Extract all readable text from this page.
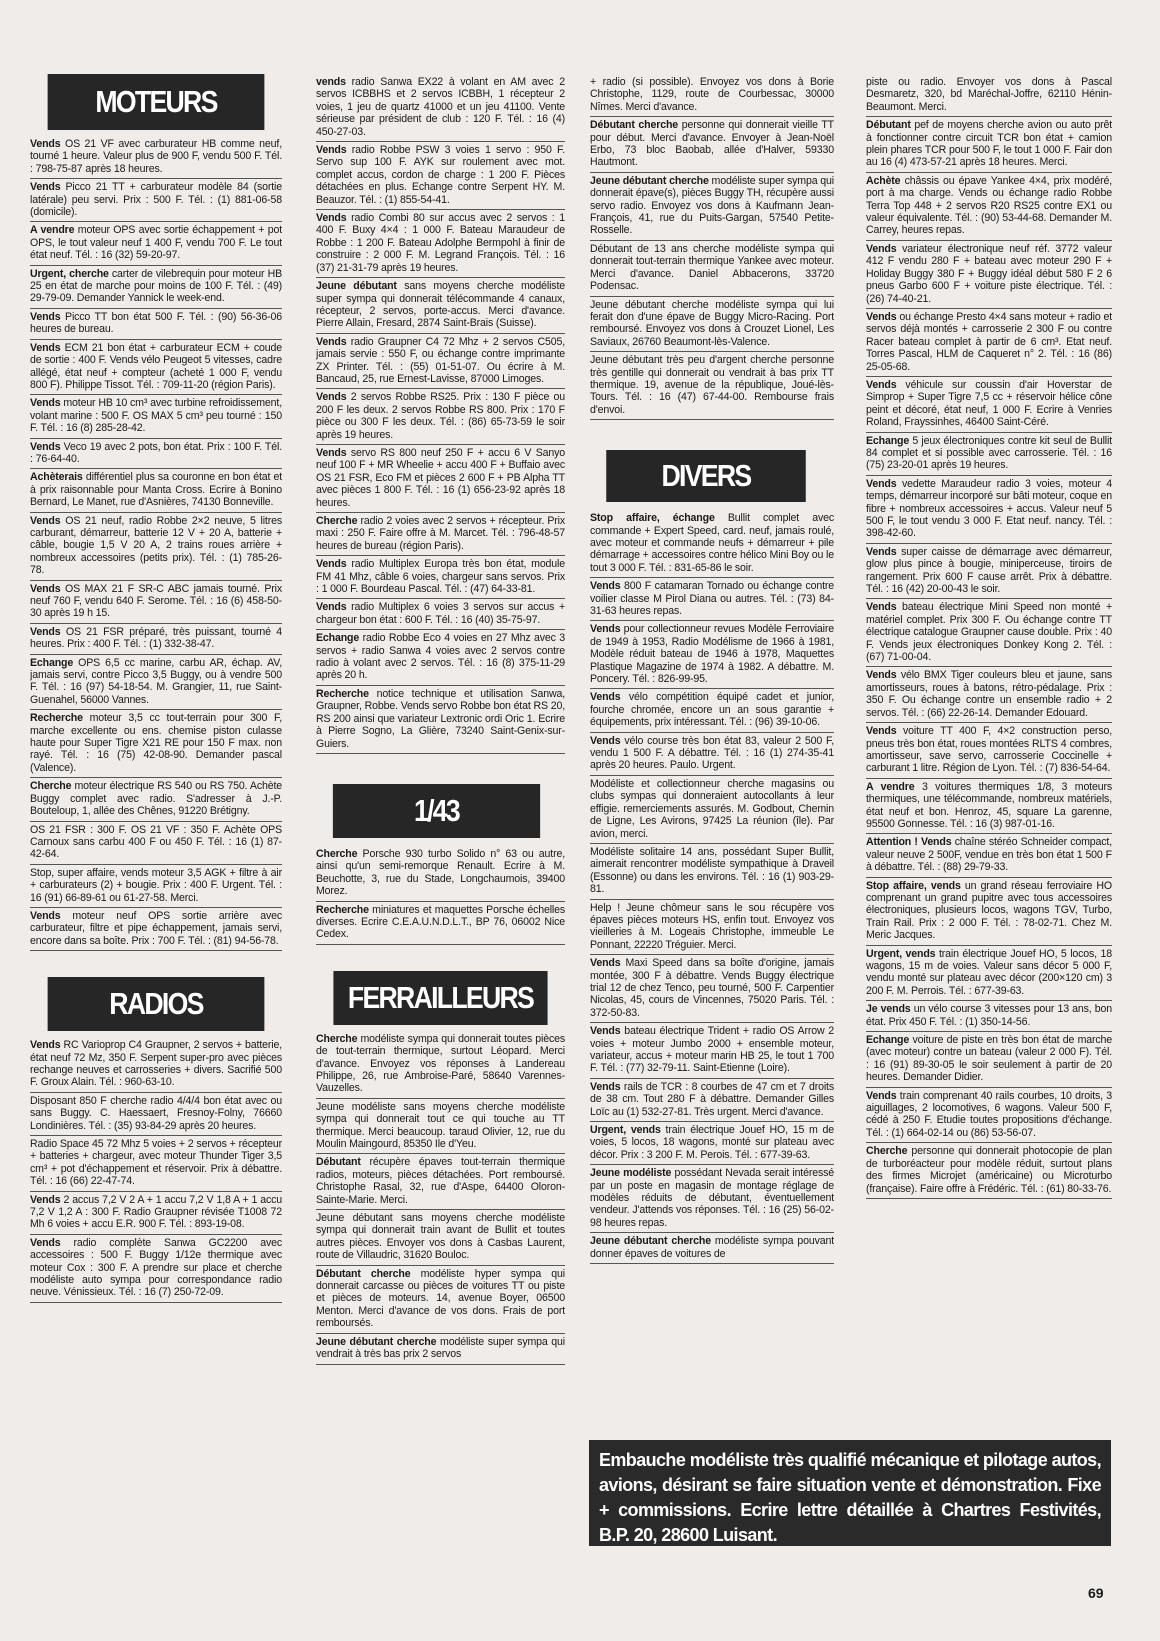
MOTEURS
Vends OS 21 VF avec carburateur HB comme neuf, tourné 1 heure. Valeur plus de 900 F, vendu 500 F. Tél. : 798-75-87 après 18 heures.
Vends Picco 21 TT + carburateur modèle 84 (sortie latérale) peu servi. Prix : 500 F. Tél. : (1) 881-06-58 (domicile).
A vendre moteur OPS avec sortie échappement + pot OPS, le tout valeur neuf 1 400 F, vendu 700 F. Le tout état neuf. Tél. : 16 (32) 59-20-97.
Urgent, cherche carter de vilebrequin pour moteur HB 25 en état de marche pour moins de 100 F. Tél. : (49) 29-79-09. Demander Yannick le week-end.
Vends Picco TT bon état 500 F. Tél. : (90) 56-36-06 heures de bureau.
Vends ECM 21 bon état + carburateur ECM + coude de sortie : 400 F. Vends vélo Peugeot 5 vitesses, cadre allégé, état neuf + compteur (acheté 1 000 F, vendu 800 F). Philippe Tissot. Tél. : 709-11-20 (région Paris).
Vends moteur HB 10 cm³ avec turbine refroidissement, volant marine : 500 F. OS MAX 5 cm³ peu tourné : 150 F. Tél. : 16 (8) 285-28-42.
Vends Veco 19 avec 2 pots, bon état. Prix : 100 F. Tél. : 76-64-40.
Achèterais différentiel plus sa couronne en bon état et à prix raisonnable pour Manta Cross. Ecrire à Bonino Bernard, Le Manet, rue d'Asnières, 74130 Bonneville.
Vends OS 21 neuf, radio Robbe 2×2 neuve, 5 litres carburant, démarreur, batterie 12 V + 20 A, batterie + câble, bougie 1,5 V 20 A, 2 trains roues arrière + nombreux accessoires (petits prix). Tél. : (1) 785-26-78.
Vends OS MAX 21 F SR-C ABC jamais tourné. Prix neuf 760 F, vendu 640 F. Serome. Tél. : 16 (6) 458-50-30 après 19 h 15.
Vends OS 21 FSR préparé, très puissant, tourné 4 heures. Prix : 400 F. Tél. : (1) 332-38-47.
Echange OPS 6,5 cc marine, carbu AR, échap. AV, jamais servi, contre Picco 3,5 Buggy, ou à vendre 500 F. Tél. : 16 (97) 54-18-54. M. Grangier, 11, rue Saint-Guenahel, 56000 Vannes.
Recherche moteur 3,5 cc tout-terrain pour 300 F, marche excellente ou ens. chemise piston culasse haute pour Super Tigre X21 RE pour 150 F max. non rayé. Tél. : 16 (75) 42-08-90. Demander pascal (Valence).
Cherche moteur électrique RS 540 ou RS 750. Achète Buggy complet avec radio. S'adresser à J.-P. Bouteloup, 1, allée des Chênes, 91220 Brétigny.
OS 21 FSR : 300 F. OS 21 VF : 350 F. Achète OPS Carnoux sans carbu 400 F ou 450 F. Tél. : 16 (1) 87-42-64.
Stop, super affaire, vends moteur 3,5 AGK + filtre à air + carburateurs (2) + bougie. Prix : 400 F. Urgent. Tél. : 16 (91) 66-89-61 ou 61-27-58. Merci.
Vends moteur neuf OPS sortie arrière avec carburateur, filtre et pipe échappement, jamais servi, encore dans sa boîte. Prix : 700 F. Tél. : (81) 94-56-78.
RADIOS
Vends RC Varioprop C4 Graupner, 2 servos + batterie, état neuf 72 Mz, 350 F. Serpent super-pro avec pièces rechange neuves et carrosseries + divers. Sacrifié 500 F. Groux Alain. Tél. : 960-63-10.
Disposant 850 F cherche radio 4/4/4 bon état avec ou sans Buggy. C. Haessaert, Fresnoy-Folny, 76660 Londinières. Tél. : (35) 93-84-29 après 20 heures.
Radio Space 45 72 Mhz 5 voies + 2 servos + récepteur + batteries + chargeur, avec moteur Thunder Tiger 3,5 cm³ + pot d'échappement et réservoir. Prix à débattre. Tél. : 16 (66) 22-47-74.
Vends 2 accus 7,2 V 2 A + 1 accu 7,2 V 1,8 A + 1 accu 7,2 V 1,2 A : 300 F. Radio Graupner révisée T1008 72 Mh 6 voies + accu E.R. 900 F. Tél. : 893-19-08.
Vends radio complète Sanwa GC2200 avec accessoires : 500 F. Buggy 1/12e thermique avec moteur Cox : 300 F. A prendre sur place et cherche modéliste auto sympa pour correspondance radio neuve. Vénissieux. Tél. : 16 (7) 250-72-09.
vends radio Sanwa EX22 à volant en AM avec 2 servos ICBBHS et 2 servos ICBBH, 1 récepteur 2 voies, 1 jeu de quartz 41000 et un jeu 41100. Vente sérieuse par président de club : 120 F. Tél. : 16 (4) 450-27-03.
Vends radio Robbe PSW 3 voies 1 servo : 950 F. Servo sup 100 F. AYK sur roulement avec mot. complet accus, cordon de charge : 1 200 F. Pièces détachées en plus. Echange contre Serpent HY. M. Beauzor. Tél. : (1) 855-54-41.
Vends radio Combi 80 sur accus avec 2 servos : 1 400 F. Buxy 4×4 : 1 000 F. Bateau Maraudeur de Robbe : 1 200 F. Bateau Adolphe Bermpohl à finir de construire : 2 000 F. M. Legrand François. Tél. : 16 (37) 21-31-79 après 19 heures.
Jeune débutant sans moyens cherche modéliste super sympa qui donnerait télécommande 4 canaux, récepteur, 2 servos, porte-accus. Merci d'avance. Pierre Allain, Fresard, 2874 Saint-Brais (Suisse).
Vends radio Graupner C4 72 Mhz + 2 servos C505, jamais servie : 550 F, ou échange contre imprimante ZX Printer. Tél. : (55) 01-51-07. Ou écrire à M. Bancaud, 25, rue Ernest-Lavisse, 87000 Limoges.
Vends 2 servos Robbe RS25. Prix : 130 F pièce ou 200 F les deux. 2 servos Robbe RS 800. Prix : 170 F pièce ou 300 F les deux. Tél. : (86) 65-73-59 le soir après 19 heures.
Vends servo RS 800 neuf 250 F + accu 6 V Sanyo neuf 100 F + MR Wheelie + accu 400 F + Buffaio avec OS 21 FSR, Eco FM et pièces 2 600 F + PB Alpha TT avec pièces 1 800 F. Tél. : 16 (1) 656-23-92 après 18 heures.
Cherche radio 2 voies avec 2 servos + récepteur. Prix maxi : 250 F. Faire offre à M. Marcet. Tél. : 796-48-57 heures de bureau (région Paris).
Vends radio Multiplex Europa très bon état, module FM 41 Mhz, câble 6 voies, chargeur sans servos. Prix : 1 000 F. Bourdeau Pascal. Tél. : (47) 64-33-81.
Vends radio Multiplex 6 voies 3 servos sur accus + chargeur bon état : 600 F. Tél. : 16 (40) 35-75-97.
Echange radio Robbe Eco 4 voies en 27 Mhz avec 3 servos + radio Sanwa 4 voies avec 2 servos contre radio à volant avec 2 servos. Tél. : 16 (8) 375-11-29 après 20 h.
Recherche notice technique et utilisation Sanwa, Graupner, Robbe. Vends servo Robbe bon état RS 20, RS 200 ainsi que variateur Lextronic ordi Oric 1. Ecrire à Pierre Sogno, La Glière, 73240 Saint-Genix-sur-Guiers.
1/43
Cherche Porsche 930 turbo Solido n° 63 ou autre, ainsi qu'un semi-remorque Renault. Ecrire à M. Beuchotte, 3, rue du Stade, Longchaumois, 39400 Morez.
Recherche miniatures et maquettes Porsche échelles diverses. Ecrire C.E.A.U.N.D.L.T., BP 76, 06002 Nice Cedex.
FERRAILLEURS
Cherche modéliste sympa qui donnerait toutes pièces de tout-terrain thermique, surtout Léopard. Merci d'avance. Envoyez vos réponses à Landereau Philippe, 26, rue Ambroise-Paré, 58640 Varennes-Vauzelles.
Jeune modéliste sans moyens cherche modéliste sympa qui donnerait tout ce qui touche au TT thermique. Merci beaucoup. taraud Olivier, 12, rue du Moulin Maingourd, 85350 Ile d'Yeu.
Débutant récupère épaves tout-terrain thermique radios, moteurs, pièces détachées. Port remboursé. Christophe Rasal, 32, rue d'Aspe, 64400 Oloron-Sainte-Marie. Merci.
Jeune débutant sans moyens cherche modéliste sympa qui donnerait train avant de Bullit et toutes autres pièces. Envoyer vos dons à Casbas Laurent, route de Villaudric, 31620 Bouloc.
Débutant cherche modéliste hyper sympa qui donnerait carcasse ou pièces de voitures TT ou piste et pièces de moteurs. 14, avenue Boyer, 06500 Menton. Merci d'avance de vos dons. Frais de port remboursés.
Jeune débutant cherche modéliste super sympa qui vendrait à très bas prix 2 servos
+ radio (si possible). Envoyez vos dons à Borie Christophe, 1129, route de Courbessac, 30000 Nîmes. Merci d'avance.
Débutant cherche personne qui donnerait vieille TT pour début. Merci d'avance. Envoyer à Jean-Noël Erbo, 73 bloc Baobab, allée d'Halver, 59330 Hautmont.
Jeune débutant cherche modéliste super sympa qui donnerait épave(s), pièces Buggy TH, récupère aussi servo radio. Envoyez vos dons à Kaufmann Jean-François, 41, rue du Puits-Gargan, 57540 Petite-Rosselle.
Débutant de 13 ans cherche modéliste sympa qui donnerait tout-terrain thermique Yankee avec moteur. Merci d'avance. Daniel Abbacerons, 33720 Podensac.
Jeune débutant cherche modéliste sympa qui lui ferait don d'une épave de Buggy Micro-Racing. Port remboursé. Envoyez vos dons à Crouzet Lionel, Les Saviaux, 26760 Beaumont-lès-Valence.
Jeune débutant très peu d'argent cherche personne très gentille qui donnerait ou vendrait à bas prix TT thermique. 19, avenue de la république, Joué-lès-Tours. Tél. : 16 (47) 67-44-00. Rembourse frais d'envoi.
DIVERS
Stop affaire, échange Bullit complet avec commande + Expert Speed, card. neuf, jamais roulé, avec moteur et commande neufs + démarreur + pile démarrage + accessoires contre hélico Mini Boy ou le tout 3 000 F. Tél. : 831-65-86 le soir.
Vends 800 F catamaran Tornado ou échange contre voilier classe M Pirol Diana ou autres. Tél. : (73) 84-31-63 heures repas.
Vends pour collectionneur revues Modèle Ferroviaire de 1949 à 1953, Radio Modélisme de 1966 à 1981, Modèle réduit bateau de 1946 à 1978, Maquettes Plastique Magazine de 1974 à 1982. A débattre. M. Poncery. Tél. : 826-99-95.
Vends vélo compétition équipé cadet et junior, fourche chromée, encore un an sous garantie + équipements, prix intéressant. Tél. : (96) 39-10-06.
Vends vélo course très bon état 83, valeur 2 500 F, vendu 1 500 F. A débattre. Tél. : 16 (1) 274-35-41 après 20 heures. Paulo. Urgent.
Modéliste et collectionneur cherche magasins ou clubs sympas qui donneraient autocollants à leur effigie. remerciements assurés. M. Godbout, Chemin de Ligne, Les Avirons, 97425 La réunion (île). Par avion, merci.
Modéliste solitaire 14 ans, possédant Super Bullit, aimerait rencontrer modéliste sympathique à Draveil (Essonne) ou dans les environs. Tél. : 16 (1) 903-29-81.
Help ! Jeune chômeur sans le sou récupère vos épaves pièces moteurs HS, enfin tout. Envoyez vos vieilleries à M. Logeais Christophe, immeuble Le Ponnant, 22220 Tréguier. Merci.
Vends Maxi Speed dans sa boîte d'origine, jamais montée, 300 F à débattre. Vends Buggy électrique trial 12 de chez Tenco, peu tourné, 500 F. Carpentier Nicolas, 45, cours de Vincennes, 75020 Paris. Tél. : 372-50-83.
Vends bateau électrique Trident + radio OS Arrow 2 voies + moteur Jumbo 2000 + ensemble moteur, variateur, accus + moteur marin HB 25, le tout 1 700 F. Tél. : (77) 32-79-11. Saint-Etienne (Loire).
Vends rails de TCR : 8 courbes de 47 cm et 7 droits de 38 cm. Tout 280 F à débattre. Demander Gilles Loïc au (1) 532-27-81. Très urgent. Merci d'avance.
Urgent, vends train électrique Jouef HO, 15 m de voies, 5 locos, 18 wagons, monté sur plateau avec décor. Prix : 3 200 F. M. Perois. Tél. : 677-39-63.
Jeune modéliste possédant Nevada serait intéressé par un poste en magasin de montage réglage de modèles réduits de débutant, éventuellement vendeur. J'attends vos réponses. Tél. : 16 (25) 56-02-98 heures repas.
Jeune débutant cherche modéliste sympa pouvant donner épaves de voitures de
piste ou radio. Envoyer vos dons à Pascal Desmaretz, 320, bd Maréchal-Joffre, 62110 Hénin-Beaumont. Merci.
Débutant pef de moyens cherche avion ou auto prêt à fonctionner contre circuit TCR bon état + camion plein phares TCR pour 500 F, le tout 1 000 F. Fair don au 16 (4) 473-57-21 après 18 heures. Merci.
Achète châssis ou épave Yankee 4×4, prix modéré, port à ma charge. Vends ou échange radio Robbe Terra Top 448 + 2 servos R20 RS25 contre EX1 ou valeur équivalente. Tél. : (90) 53-44-68. Demander M. Carrey, heures repas.
Vends variateur électronique neuf réf. 3772 valeur 412 F vendu 280 F + bateau avec moteur 290 F + Holiday Buggy 380 F + Buggy idéal début 580 F 2 6 pneus Garbo 600 F + voiture piste électrique. Tél. : (26) 74-40-21.
Vends ou échange Presto 4×4 sans moteur + radio et servos déjà montés + carrosserie 2 300 F ou contre Racer bateau complet à partir de 6 cm³. Etat neuf. Torres Pascal, HLM de Caqueret n° 2. Tél. : 16 (86) 25-05-68.
Vends véhicule sur coussin d'air Hoverstar de Simprop + Super Tigre 7,5 cc + réservoir hélice cône peint et décoré, état neuf, 1 000 F. Ecrire à Venries Roland, Frayssinhes, 46400 Saint-Céré.
Echange 5 jeux électroniques contre kit seul de Bullit 84 complet et si possible avec carrosserie. Tél. : 16 (75) 23-20-01 après 19 heures.
Vends vedette Maraudeur radio 3 voies, moteur 4 temps, démarreur incorporé sur bâti moteur, coque en fibre + nombreux accessoires + accus. Valeur neuf 5 500 F, le tout vendu 3 000 F. Etat neuf. nancy. Tél. : 398-42-60.
Vends super caisse de démarrage avec démarreur, glow plus pince à bougie, miniperceuse, tiroirs de rangement. Prix 600 F cause arrêt. Prix à débattre. Tél. : 16 (42) 20-00-43 le soir.
Vends bateau électrique Mini Speed non monté + matériel complet. Prix 300 F. Ou échange contre TT électrique catalogue Graupner cause double. Prix : 40 F. Vends jeux électroniques Donkey Kong 2. Tél. : (67) 71-00-04.
Vends vélo BMX Tiger couleurs bleu et jaune, sans amortisseurs, roues à batons, rétro-pédalage. Prix : 350 F. Ou échange contre un ensemble radio + 2 servos. Tél. : (66) 22-26-14. Demander Edouard.
Vends voiture TT 400 F, 4×2 construction perso, pneus très bon état, roues montées RLTS 4 combres, amortisseur, save servo, carrosserie Coccinelle + carburant 1 litre. Région de Lyon. Tél. : (7) 836-54-64.
A vendre 3 voitures thermiques 1/8, 3 moteurs thermiques, une télécommande, nombreux matériels, état neuf et bon. Henroz, 45, square La garenne, 95500 Gonnesse. Tél. : 16 (3) 987-01-16.
Attention ! Vends chaîne stéréo Schneider compact, valeur neuve 2 500F, vendue en très bon état 1 500 F à débattre. Tél. : (88) 29-79-33.
Stop affaire, vends un grand réseau ferroviaire HO comprenant un grand pupitre avec tous accessoires électroniques, plusieurs locos, wagons TGV, Turbo, Train Rail. Prix : 2 000 F. Tél. : 78-02-71. Chez M. Meric Jacques.
Urgent, vends train électrique Jouef HO, 5 locos, 18 wagons, 15 m de voies. Valeur sans décor 5 000 F, vendu monté sur plateau avec décor (200×120 cm) 3 200 F. M. Perrois. Tél. : 677-39-63.
Je vends un vélo course 3 vitesses pour 13 ans, bon état. Prix 450 F. Tél. : (1) 350-14-56.
Echange voiture de piste en très bon état de marche (avec moteur) contre un bateau (valeur 2 000 F). Tél. : 16 (91) 89-30-05 le soir seulement à partir de 20 heures. Demander Didier.
Vends train comprenant 40 rails courbes, 10 droits, 3 aiguillages, 2 locomotives, 6 wagons. Valeur 500 F, cédé à 250 F. Etudie toutes propositions d'échange. Tél. : (1) 664-02-14 ou (86) 53-56-07.
Cherche personne qui donnerait photocopie de plan de turboréacteur pour modèle réduit, surtout plans des firmes Microjet (américaine) ou Microturbo (française). Faire offre à Frédéric. Tél. : (61) 80-33-76.
Embauche modéliste très qualifié mécanique et pilotage autos, avions, désirant se faire situation vente et démonstration. Fixe + commissions. Ecrire lettre détaillée à Chartres Festivités, B.P. 20, 28600 Luisant.
69
